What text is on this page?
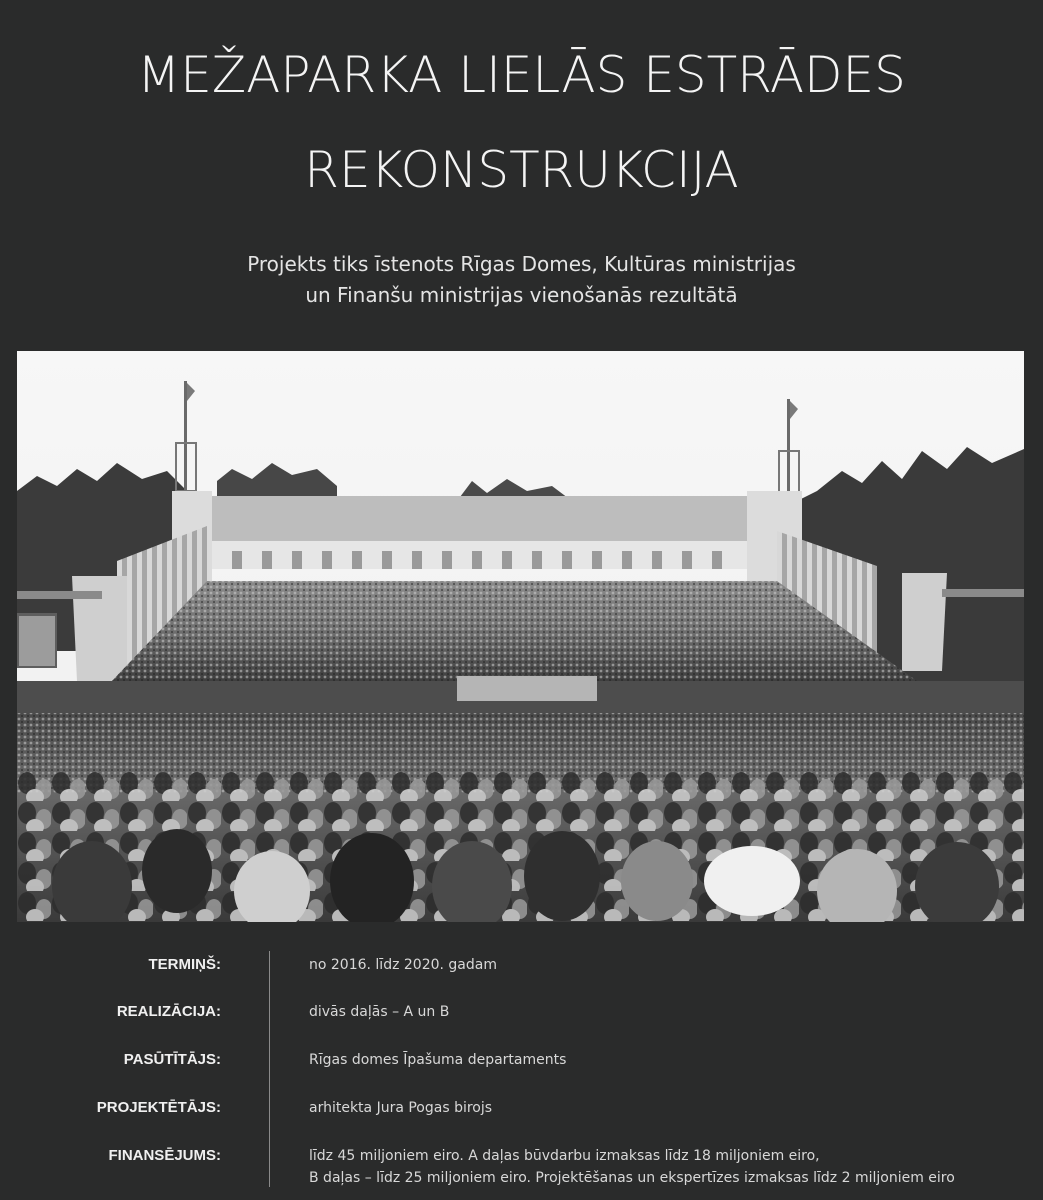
MEŽAPARKA LIELĀS ESTRĀDES
REKONSTRUKCIJA
Projekts tiks īstenots Rīgas Domes, Kultūras ministrijas
un Finanšu ministrijas vienošanās rezultātā
TERMIŅŠ:	no 2016. līdz 2020. gadam
REALIZĀCIJA:	divās daļās – A un B
PASŪTĪTĀJS:	Rīgas domes Īpašuma departaments
PROJEKTĒTĀJS:	arhitekta Jura Pogas birojs
FINANSĒJUMS:	līdz 45 miljoniem eiro. A daļas būvdarbu izmaksas līdz 18 miljoniem eiro,
B daļas – līdz 25 miljoniem eiro. Projektēšanas un ekspertīzes izmaksas līdz 2 miljoniem eiro
